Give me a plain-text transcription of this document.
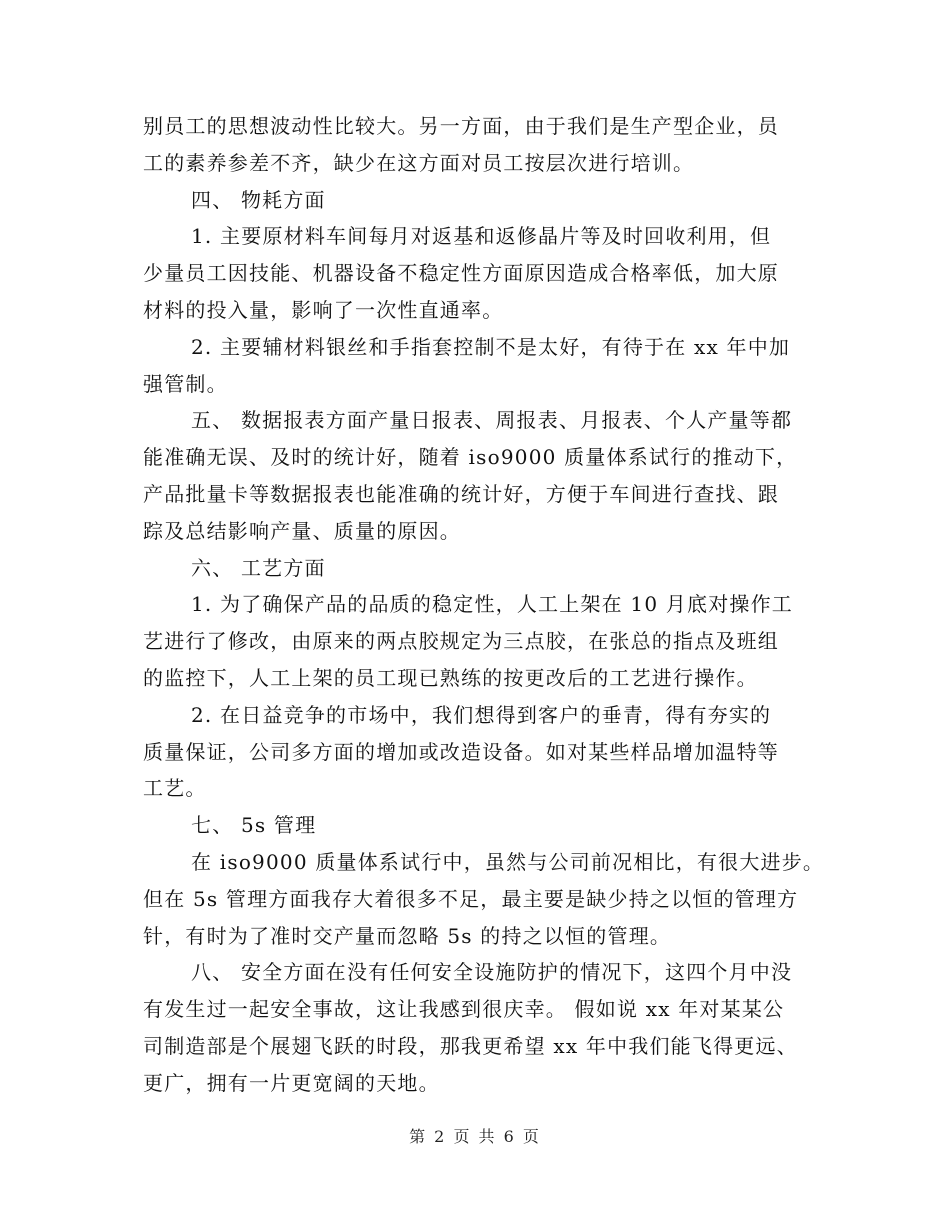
别员工的思想波动性比较大。另一方面，由于我们是生产型企业，员
工的素养参差不齐，缺少在这方面对员工按层次进行培训。
四、 物耗方面
1. 主要原材料车间每月对返基和返修晶片等及时回收利用，但
少量员工因技能、机器设备不稳定性方面原因造成合格率低，加大原
材料的投入量，影响了一次性直通率。
2. 主要辅材料银丝和手指套控制不是太好，有待于在 xx 年中加
强管制。
五、 数据报表方面产量日报表、周报表、月报表、个人产量等都
能准确无误、及时的统计好，随着 iso9000 质量体系试行的推动下，
产品批量卡等数据报表也能准确的统计好，方便于车间进行查找、跟
踪及总结影响产量、质量的原因。
六、 工艺方面
1. 为了确保产品的品质的稳定性，人工上架在 10 月底对操作工
艺进行了修改，由原来的两点胶规定为三点胶，在张总的指点及班组
的监控下，人工上架的员工现已熟练的按更改后的工艺进行操作。
2. 在日益竞争的市场中，我们想得到客户的垂青，得有夯实的
质量保证，公司多方面的增加或改造设备。如对某些样品增加温特等
工艺。
七、 5s 管理
在 iso9000 质量体系试行中，虽然与公司前况相比，有很大进步。
但在 5s 管理方面我存大着很多不足，最主要是缺少持之以恒的管理方
针，有时为了准时交产量而忽略 5s 的持之以恒的管理。
八、 安全方面在没有任何安全设施防护的情况下，这四个月中没
有发生过一起安全事故，这让我感到很庆幸。 假如说 xx 年对某某公
司制造部是个展翅飞跃的时段，那我更希望 xx 年中我们能飞得更远、
更广，拥有一片更宽阔的天地。
第 2 页 共 6 页
